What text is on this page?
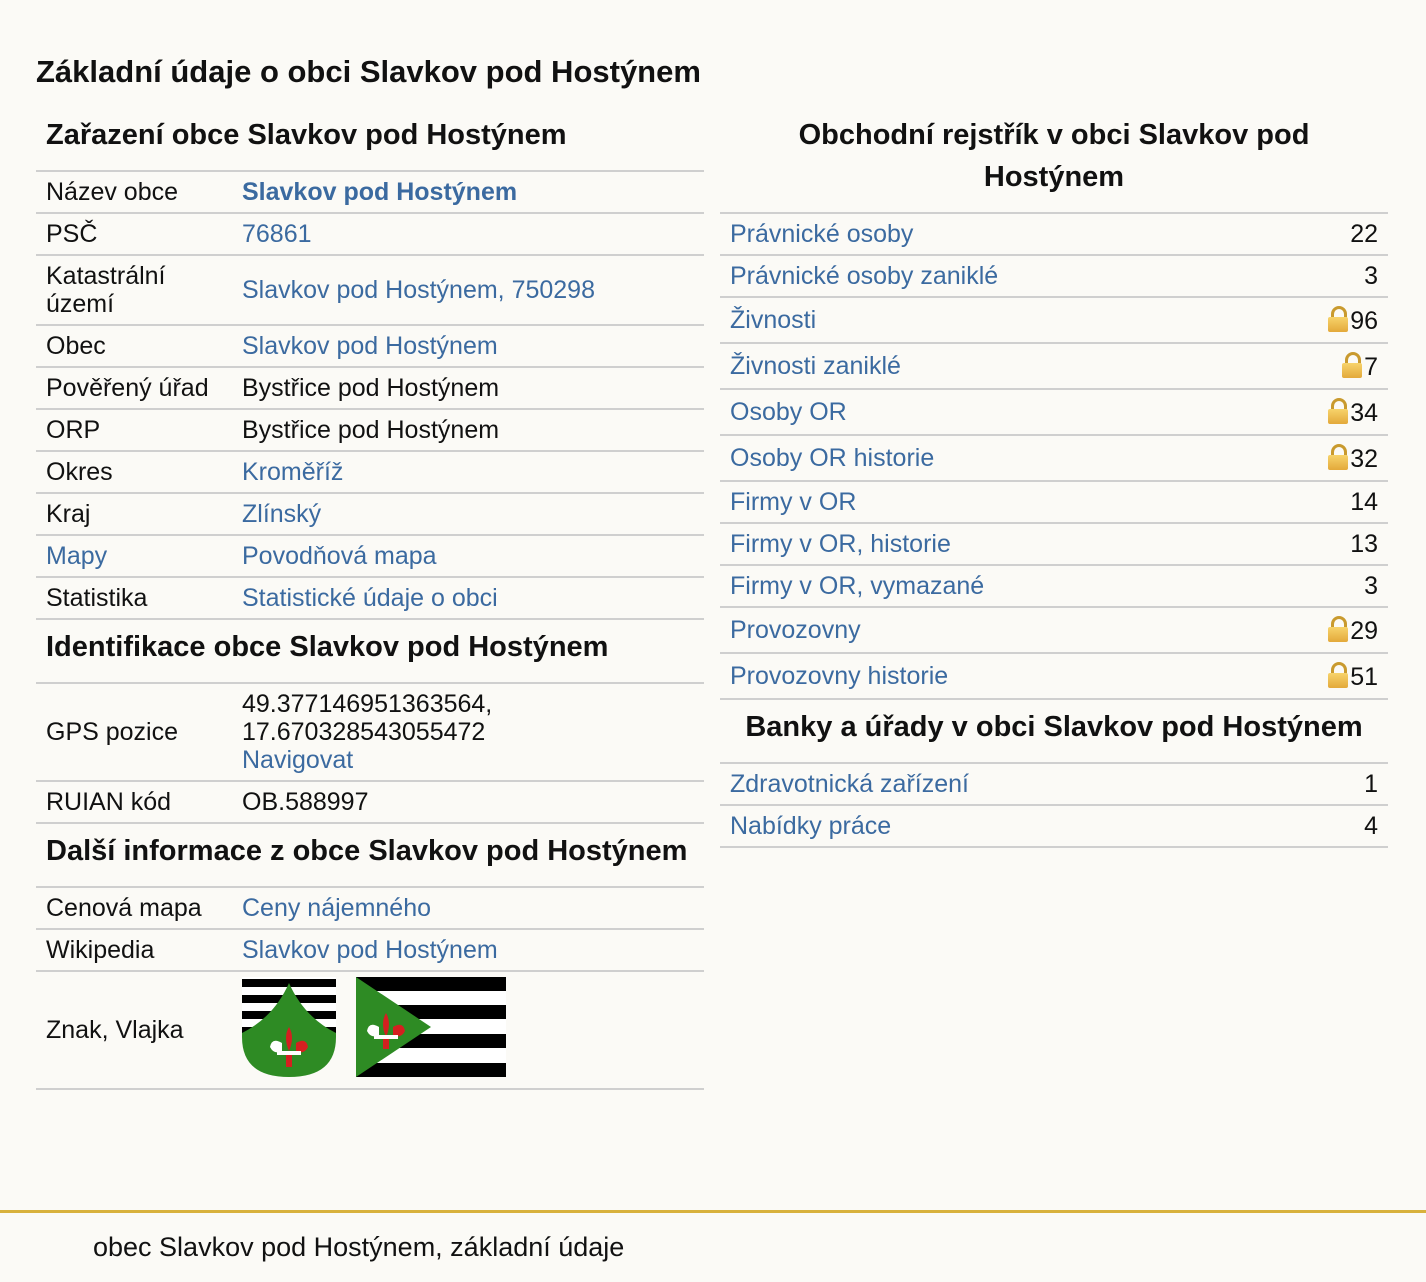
Základní údaje o obci Slavkov pod Hostýnem
Zařazení obce Slavkov pod Hostýnem
Název obce	Slavkov pod Hostýnem
PSČ	76861
Katastrální území	Slavkov pod Hostýnem, 750298
Obec	Slavkov pod Hostýnem
Pověřený úřad	Bystřice pod Hostýnem
ORP	Bystřice pod Hostýnem
Okres	Kroměříž
Kraj	Zlínský
Mapy	Povodňová mapa
Statistika	Statistické údaje o obci
Identifikace obce Slavkov pod Hostýnem
GPS pozice	49.377146951363564,
17.670328543055472
Navigovat
RUIAN kód	OB.588997
Další informace z obce Slavkov pod Hostýnem
Cenová mapa	Ceny nájemného
Wikipedia	Slavkov pod Hostýnem
Znak, Vlajka	
Obchodní rejstřík v obci Slavkov pod Hostýnem
Právnické osoby	22
Právnické osoby zaniklé	3
Živnosti	96
Živnosti zaniklé	7
Osoby OR	34
Osoby OR historie	32
Firmy v OR	14
Firmy v OR, historie	13
Firmy v OR, vymazané	3
Provozovny	29
Provozovny historie	51
Banky a úřady v obci Slavkov pod Hostýnem
Zdravotnická zařízení	1
Nabídky práce	4
obec Slavkov pod Hostýnem, základní údaje
